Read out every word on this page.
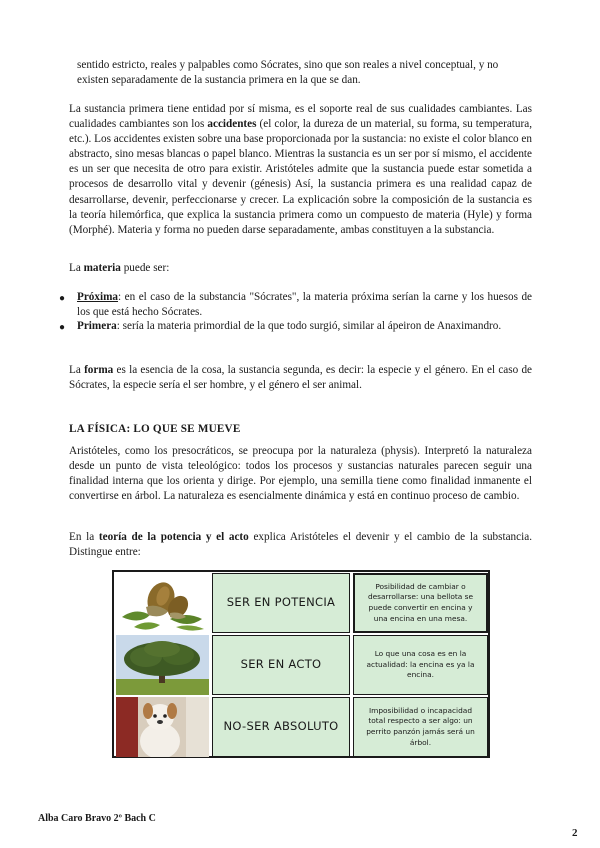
sentido estricto, reales y palpables como Sócrates, sino que son reales a nivel conceptual, y no

existen separadamente de la sustancia primera en la que se dan.

La sustancia primera tiene entidad por sí misma, es el soporte real de sus cualidades cambiantes. Las cualidades cambiantes son los accidentes (el color, la dureza de un material, su forma, su temperatura, etc.). Los accidentes existen sobre una base proporcionada por la sustancia: no existe el color blanco en abstracto, sino mesas blancas o papel blanco. Mientras la sustancia es un ser por sí mismo, el accidente es un ser que necesita de otro para existir. Aristóteles admite que la sustancia puede estar sometida a procesos de desarrollo vital y devenir (génesis) Así, la sustancia primera es una realidad capaz de desarrollarse, devenir, perfeccionarse y crecer. La explicación sobre la composición de la sustancia es la teoría hilemórfica, que explica la sustancia primera como un compuesto de materia (Hyle) y forma (Morphé). Materia y forma no pueden darse separadamente, ambas constituyen a la substancia.

La materia puede ser:

● Próxima: en el caso de la substancia "Sócrates", la materia próxima serían la carne y los huesos de los que está hecho Sócrates.

● Primera: sería la materia primordial de la que todo surgió, similar al ápeiron de Anaximandro.

La forma es la esencia de la cosa, la sustancia segunda, es decir: la especie y el género. En el caso de Sócrates, la especie sería el ser hombre, y el género el ser animal.

LA FÍSICA: LO QUE SE MUEVE

Aristóteles, como los presocráticos, se preocupa por la naturaleza (physis). Interpretó la naturaleza desde un punto de vista teleológico: todos los procesos y sustancias naturales parecen seguir una finalidad interna que los orienta y dirige. Por ejemplo, una semilla tiene como finalidad inmanente el convertirse en árbol. La naturaleza es esencialmente dinámica y está en continuo proceso de cambio.

En la teoría de la potencia y el acto explica Aristóteles el devenir y el cambio de la substancia. Distingue entre:

SER EN POTENCIA
Posibilidad de cambiar o desarrollarse: una bellota se puede convertir en encina y una encina en una mesa.
SER EN ACTO
Lo que una cosa es en la actualidad: la encina es ya la encina.
NO-SER ABSOLUTO
Imposibilidad o incapacidad total respecto a ser algo: un perrito panzón jamás será un árbol.

Alba Caro Bravo 2º Bach C

2
